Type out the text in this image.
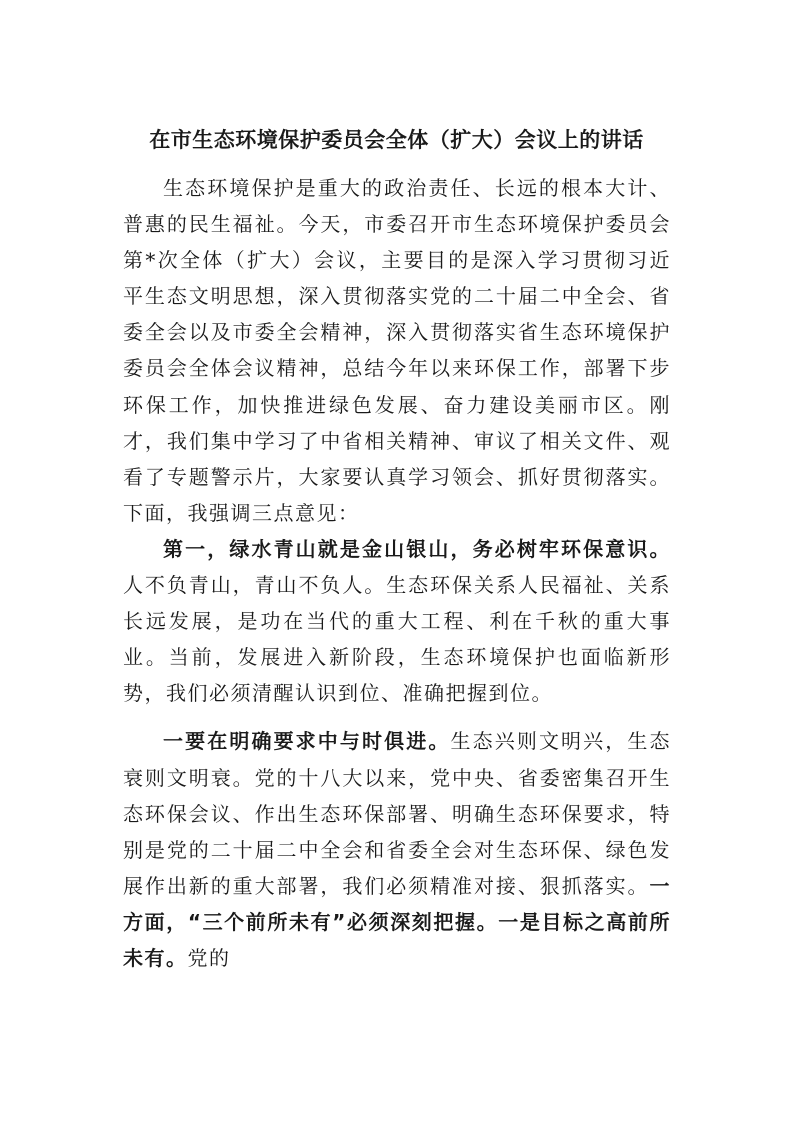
在市生态环境保护委员会全体（扩大）会议上的讲话

生态环境保护是重大的政治责任、长远的根本大计、普惠的民生福祉。今天，市委召开市生态环境保护委员会第*次全体（扩大）会议，主要目的是深入学习贯彻习近平生态文明思想，深入贯彻落实党的二十届二中全会、省委全会以及市委全会精神，深入贯彻落实省生态环境保护委员会全体会议精神，总结今年以来环保工作，部署下步环保工作，加快推进绿色发展、奋力建设美丽市区。刚才，我们集中学习了中省相关精神、审议了相关文件、观看了专题警示片，大家要认真学习领会、抓好贯彻落实。下面，我强调三点意见：

第一，绿水青山就是金山银山，务必树牢环保意识。人不负青山，青山不负人。生态环保关系人民福祉、关系长远发展，是功在当代的重大工程、利在千秋的重大事业。当前，发展进入新阶段，生态环境保护也面临新形势，我们必须清醒认识到位、准确把握到位。

一要在明确要求中与时俱进。生态兴则文明兴，生态衰则文明衰。党的十八大以来，党中央、省委密集召开生态环保会议、作出生态环保部署、明确生态环保要求，特别是党的二十届二中全会和省委全会对生态环保、绿色发展作出新的重大部署，我们必须精准对接、狠抓落实。一方面，“三个前所未有”必须深刻把握。一是目标之高前所未有。党的
